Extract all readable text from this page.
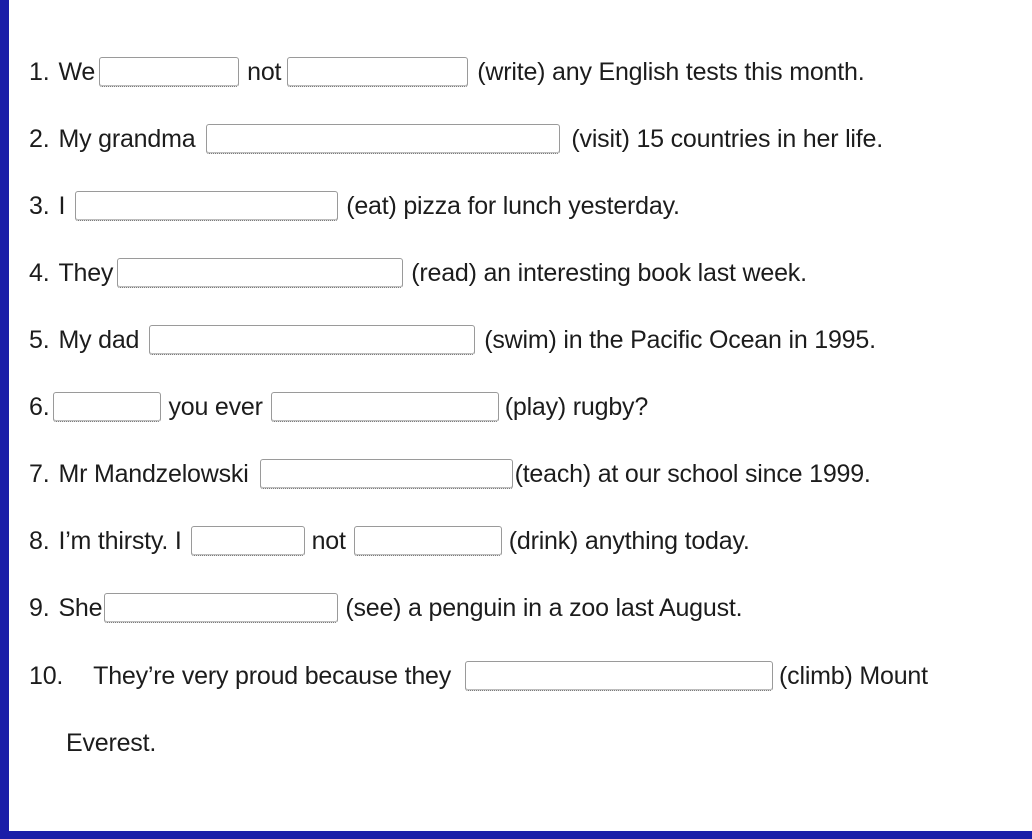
1. We	not	(write) any English tests this month.
2. My grandma	(visit) 15 countries in her life.
3. I	(eat) pizza for lunch yesterday.
4. They	(read) an interesting book last week.
5. My dad	(swim) in the Pacific Ocean in 1995.
6.	you ever	(play) rugby?
7. Mr Mandzelowski	(teach) at our school since 1999.
8. I’m thirsty. I	not	(drink) anything today.
9. She	(see) a penguin in a zoo last August.
10. They’re very proud because they	(climb) Mount
Everest.
